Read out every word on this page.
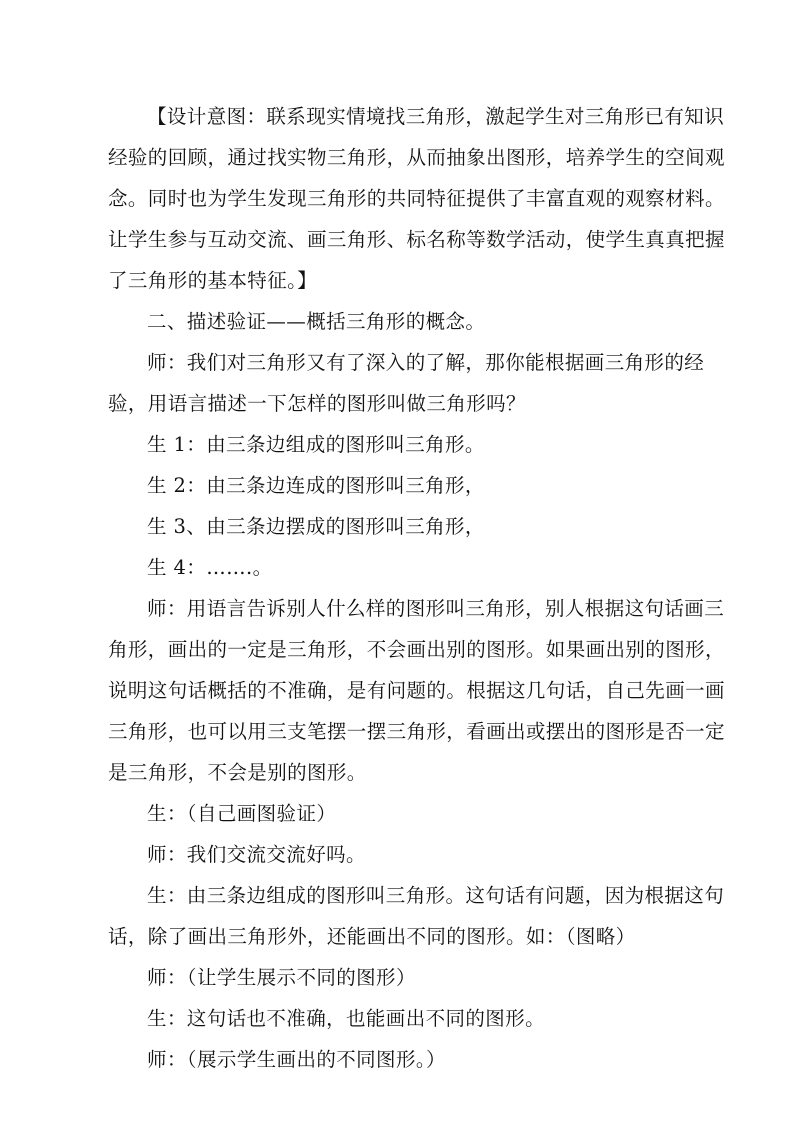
【设计意图：联系现实情境找三角形，激起学生对三角形已有知识经验的回顾，通过找实物三角形，从而抽象出图形，培养学生的空间观念。同时也为学生发现三角形的共同特征提供了丰富直观的观察材料。让学生参与互动交流、画三角形、标名称等数学活动，使学生真真把握了三角形的基本特征。】

二、描述验证——概括三角形的概念。

师：我们对三角形又有了深入的了解，那你能根据画三角形的经验，用语言描述一下怎样的图形叫做三角形吗？

生 1：由三条边组成的图形叫三角形。

生 2：由三条边连成的图形叫三角形，

生 3、由三条边摆成的图形叫三角形，

生 4：…….。

师：用语言告诉别人什么样的图形叫三角形，别人根据这句话画三角形，画出的一定是三角形，不会画出别的图形。如果画出别的图形，说明这句话概括的不准确，是有问题的。根据这几句话，自己先画一画三角形，也可以用三支笔摆一摆三角形，看画出或摆出的图形是否一定是三角形，不会是别的图形。

生：（自己画图验证）

师：我们交流交流好吗。

生：由三条边组成的图形叫三角形。这句话有问题，因为根据这句话，除了画出三角形外，还能画出不同的图形。如：（图略）

师：（让学生展示不同的图形）

生：这句话也不准确，也能画出不同的图形。

师：（展示学生画出的不同图形。）
